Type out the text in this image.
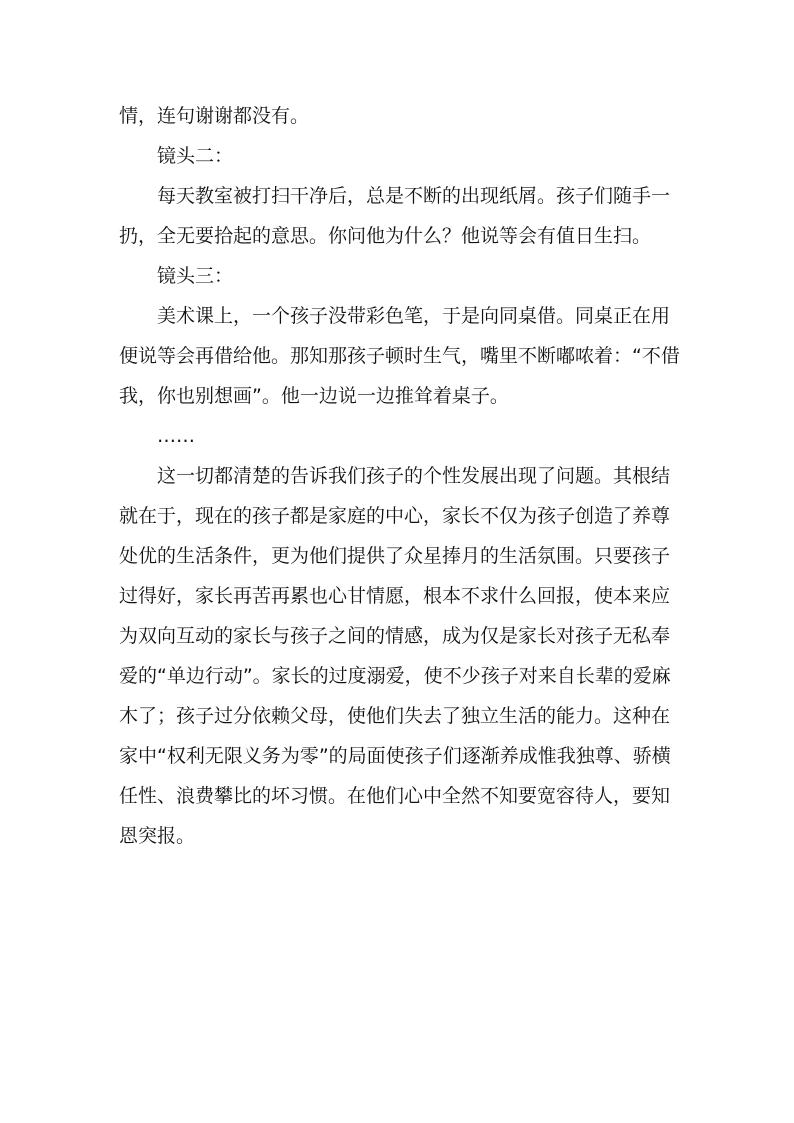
情，连句谢谢都没有。

镜头二：

每天教室被打扫干净后，总是不断的出现纸屑。孩子们随手一扔，全无要拾起的意思。你问他为什么？他说等会有值日生扫。

镜头三：

美术课上，一个孩子没带彩色笔，于是向同桌借。同桌正在用便说等会再借给他。那知那孩子顿时生气，嘴里不断嘟哝着：“不借我，你也别想画”。他一边说一边推耸着桌子。

……

这一切都清楚的告诉我们孩子的个性发展出现了问题。其根结就在于，现在的孩子都是家庭的中心，家长不仅为孩子创造了养尊处优的生活条件，更为他们提供了众星捧月的生活氛围。只要孩子过得好，家长再苦再累也心甘情愿，根本不求什么回报，使本来应为双向互动的家长与孩子之间的情感，成为仅是家长对孩子无私奉爱的“单边行动”。家长的过度溺爱，使不少孩子对来自长辈的爱麻木了；孩子过分依赖父母，使他们失去了独立生活的能力。这种在家中“权利无限义务为零”的局面使孩子们逐渐养成惟我独尊、骄横任性、浪费攀比的坏习惯。在他们心中全然不知要宽容待人，要知恩突报。
